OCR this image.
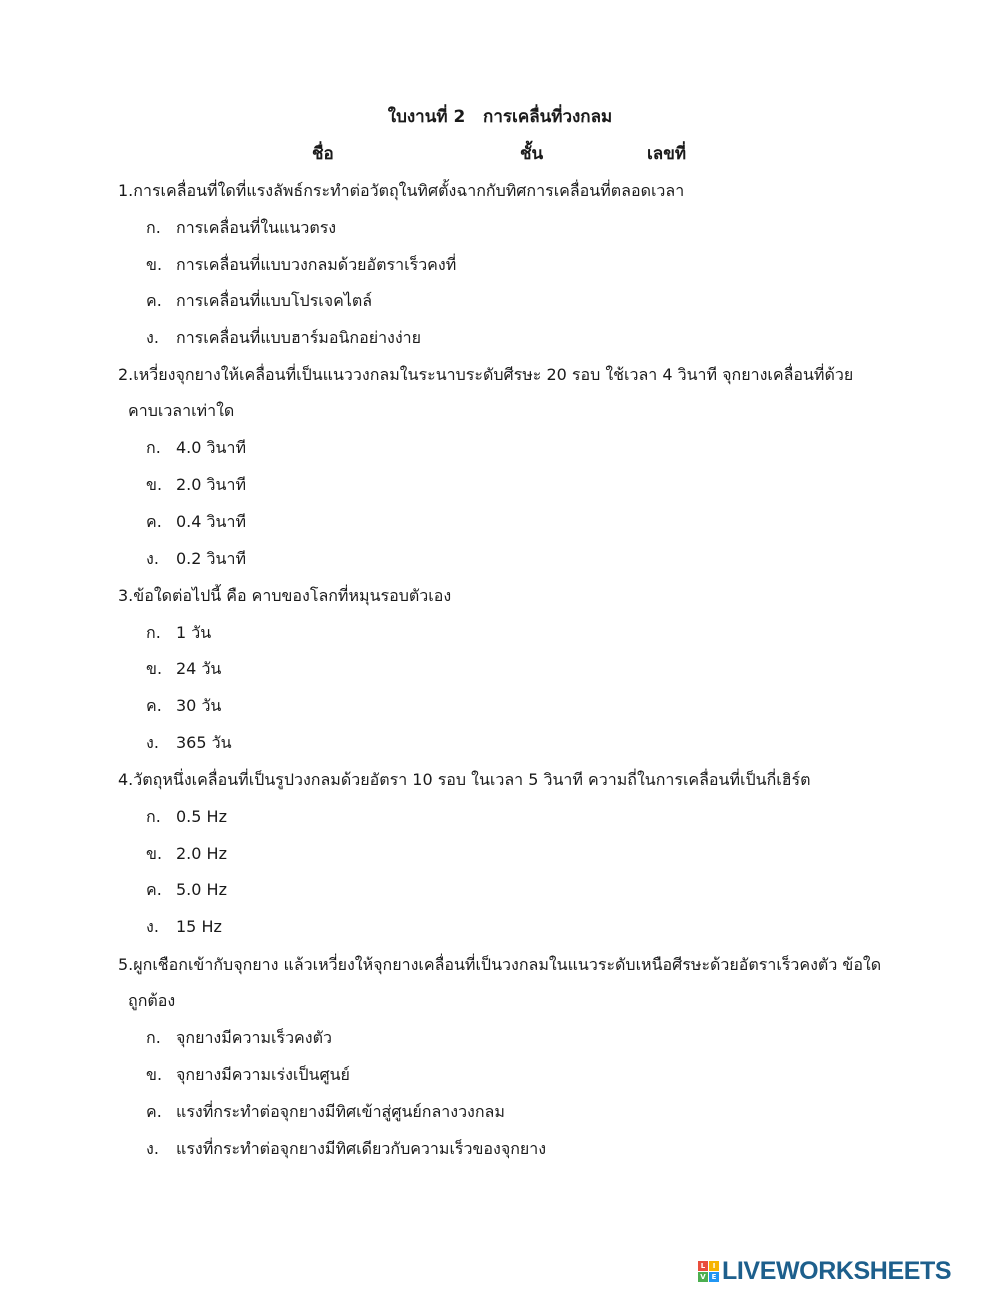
ใบงานที่ 2   การเคลื่นที่วงกลม
ชื่อ	ชั้น	เลขที่
1.การเคลื่อนที่ใดที่แรงลัพธ์กระทำต่อวัตถุในทิศตั้งฉากกับทิศการเคลื่อนที่ตลอดเวลา
ก. การเคลื่อนที่ในแนวตรง
ข. การเคลื่อนที่แบบวงกลมด้วยอัตราเร็วคงที่
ค. การเคลื่อนที่แบบโปรเจคไตล์
ง. การเคลื่อนที่แบบฮาร์มอนิกอย่างง่าย
2.เหวี่ยงจุกยางให้เคลื่อนที่เป็นแนววงกลมในระนาบระดับศีรษะ 20 รอบ ใช้เวลา 4 วินาที จุกยางเคลื่อนที่ด้วย
คาบเวลาเท่าใด
ก. 4.0 วินาที
ข. 2.0 วินาที
ค. 0.4 วินาที
ง. 0.2 วินาที
3.ข้อใดต่อไปนี้ คือ คาบของโลกที่หมุนรอบตัวเอง
ก. 1 วัน
ข. 24 วัน
ค. 30 วัน
ง. 365 วัน
4.วัตถุหนึ่งเคลื่อนที่เป็นรูปวงกลมด้วยอัตรา 10 รอบ ในเวลา 5 วินาที ความถี่ในการเคลื่อนที่เป็นกี่เฮิร์ต
ก. 0.5 Hz
ข. 2.0 Hz
ค. 5.0 Hz
ง. 15 Hz
5.ผูกเชือกเข้ากับจุกยาง แล้วเหวี่ยงให้จุกยางเคลื่อนที่เป็นวงกลมในแนวระดับเหนือศีรษะด้วยอัตราเร็วคงตัว ข้อใด
ถูกต้อง
ก. จุกยางมีความเร็วคงตัว
ข. จุกยางมีความเร่งเป็นศูนย์
ค. แรงที่กระทำต่อจุกยางมีทิศเข้าสู่ศูนย์กลางวงกลม
ง. แรงที่กระทำต่อจุกยางมีทิศเดียวกับความเร็วของจุกยาง
L	I
V E LIVEWORKSHEETS
